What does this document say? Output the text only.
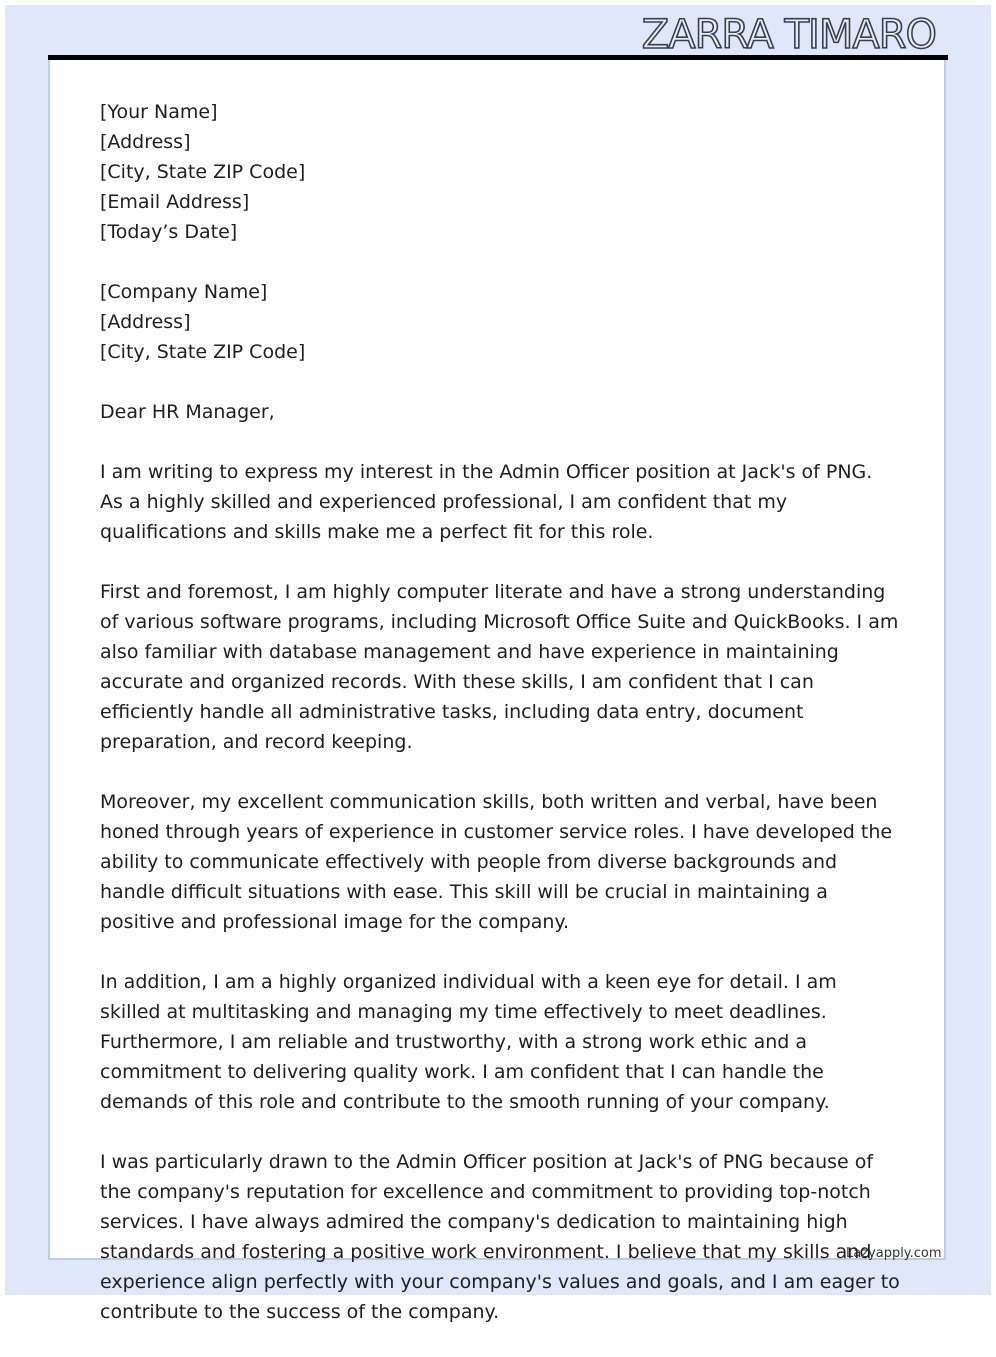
ZARRA TIMARO
[Your Name]
[Address]
[City, State ZIP Code]
[Email Address]
[Today’s Date]
[Company Name]
[Address]
[City, State ZIP Code]
Dear HR Manager,
I am writing to express my interest in the Admin Officer position at Jack's of PNG. As a highly skilled and experienced professional, I am confident that my qualifications and skills make me a perfect fit for this role.
First and foremost, I am highly computer literate and have a strong understanding of various software programs, including Microsoft Office Suite and QuickBooks. I am also familiar with database management and have experience in maintaining accurate and organized records. With these skills, I am confident that I can efficiently handle all administrative tasks, including data entry, document preparation, and record keeping.
Moreover, my excellent communication skills, both written and verbal, have been honed through years of experience in customer service roles. I have developed the ability to communicate effectively with people from diverse backgrounds and handle difficult situations with ease. This skill will be crucial in maintaining a positive and professional image for the company.
In addition, I am a highly organized individual with a keen eye for detail. I am skilled at multitasking and managing my time effectively to meet deadlines. Furthermore, I am reliable and trustworthy, with a strong work ethic and a commitment to delivering quality work. I am confident that I can handle the demands of this role and contribute to the smooth running of your company.
I was particularly drawn to the Admin Officer position at Jack's of PNG because of the company's reputation for excellence and commitment to providing top-notch services. I have always admired the company's dedication to maintaining high standards and fostering a positive work environment. I believe that my skills and experience align perfectly with your company's values and goals, and I am eager to contribute to the success of the company.
Lazyapply.com
